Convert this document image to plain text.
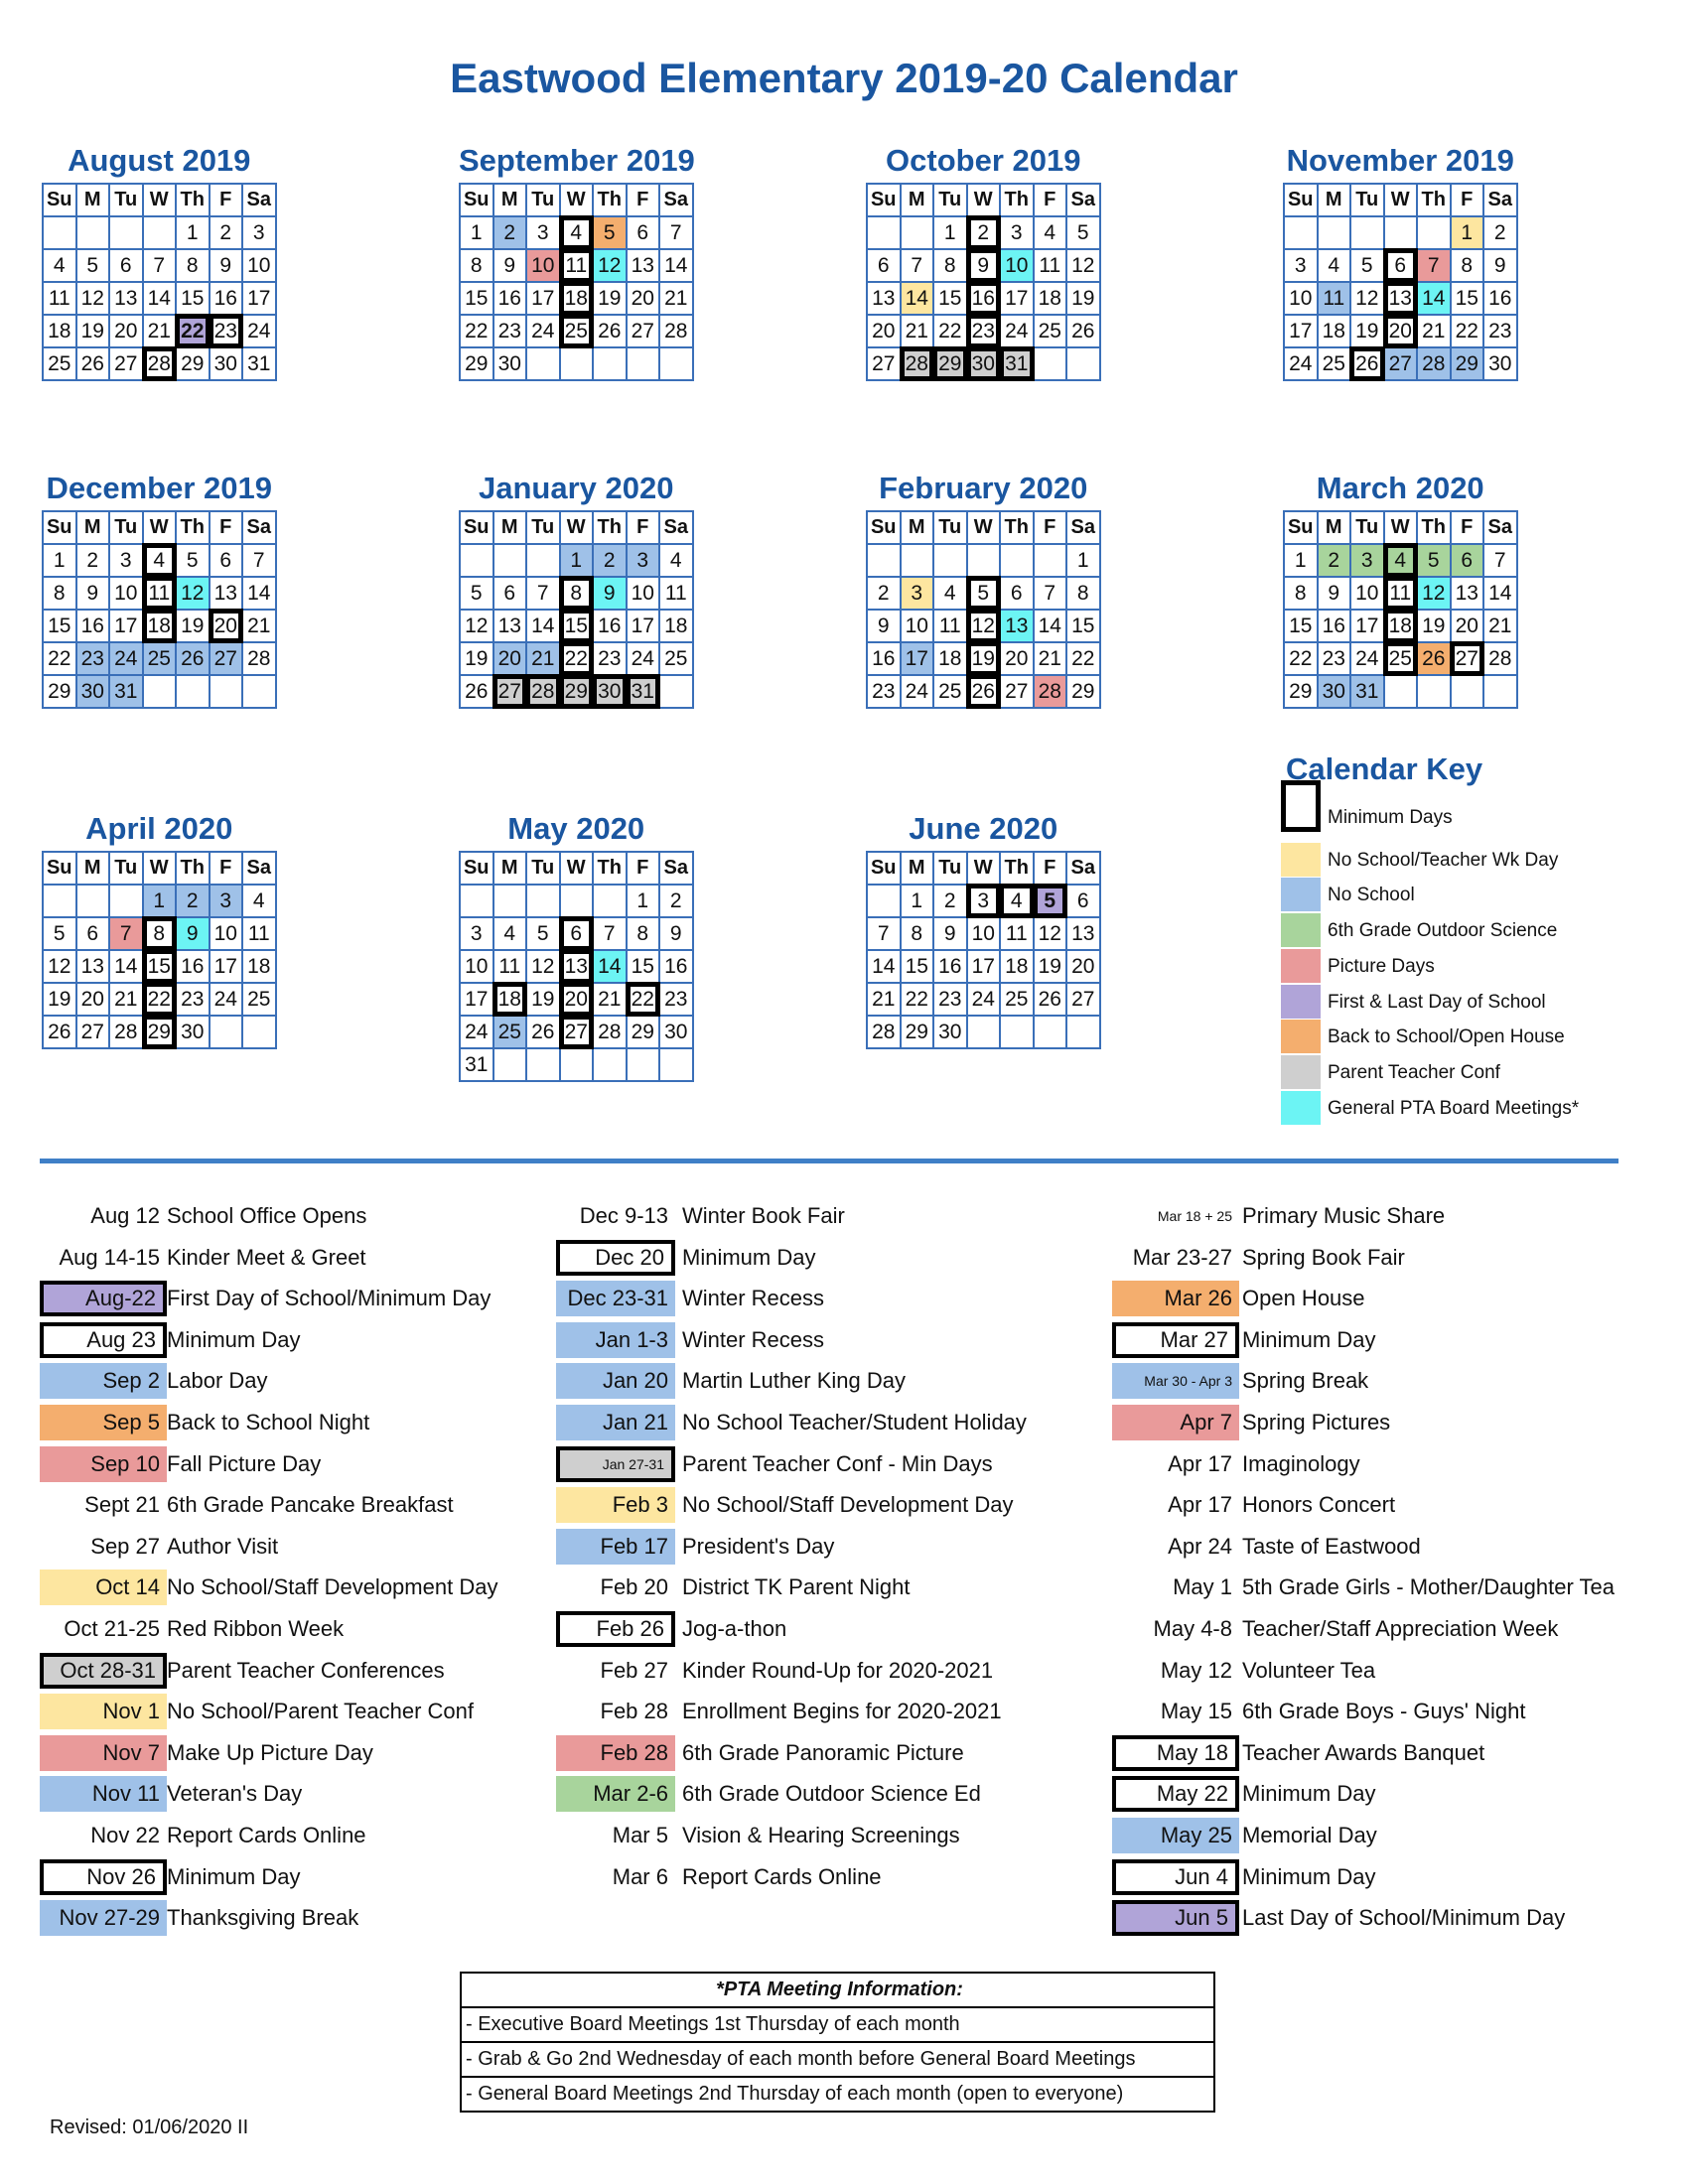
Eastwood Elementary 2019-20 Calendar
August 2019
Su	M	Tu	W	Th	F	Sa
				1	2	3
4	5	6	7	8	9	10
11	12	13	14	15	16	17
18	19	20	21	22	23	24
25	26	27	28	29	30	31
September 2019
Su	M	Tu	W	Th	F	Sa
1	2	3	4	5	6	7
8	9	10	11	12	13	14
15	16	17	18	19	20	21
22	23	24	25	26	27	28
29	30					
October 2019
Su	M	Tu	W	Th	F	Sa
		1	2	3	4	5
6	7	8	9	10	11	12
13	14	15	16	17	18	19
20	21	22	23	24	25	26
27	28	29	30	31		
November 2019
Su	M	Tu	W	Th	F	Sa
					1	2
3	4	5	6	7	8	9
10	11	12	13	14	15	16
17	18	19	20	21	22	23
24	25	26	27	28	29	30
December 2019
Su	M	Tu	W	Th	F	Sa
1	2	3	4	5	6	7
8	9	10	11	12	13	14
15	16	17	18	19	20	21
22	23	24	25	26	27	28
29	30	31				
January 2020
Su	M	Tu	W	Th	F	Sa
			1	2	3	4
5	6	7	8	9	10	11
12	13	14	15	16	17	18
19	20	21	22	23	24	25
26	27	28	29	30	31	
February 2020
Su	M	Tu	W	Th	F	Sa
						1
2	3	4	5	6	7	8
9	10	11	12	13	14	15
16	17	18	19	20	21	22
23	24	25	26	27	28	29
March 2020
Su	M	Tu	W	Th	F	Sa
1	2	3	4	5	6	7
8	9	10	11	12	13	14
15	16	17	18	19	20	21
22	23	24	25	26	27	28
29	30	31				
April 2020
Su	M	Tu	W	Th	F	Sa
			1	2	3	4
5	6	7	8	9	10	11
12	13	14	15	16	17	18
19	20	21	22	23	24	25
26	27	28	29	30		
May 2020
Su	M	Tu	W	Th	F	Sa
					1	2
3	4	5	6	7	8	9
10	11	12	13	14	15	16
17	18	19	20	21	22	23
24	25	26	27	28	29	30
31						
June 2020
Su	M	Tu	W	Th	F	Sa
	1	2	3	4	5	6
7	8	9	10	11	12	13
14	15	16	17	18	19	20
21	22	23	24	25	26	27
28	29	30				
Calendar Key
Minimum Days
No School/Teacher Wk Day
No School
6th Grade Outdoor Science
Picture Days
First & Last Day of School
Back to School/Open House
Parent Teacher Conf
General PTA Board Meetings*
Aug 12 School Office Opens
Aug 14-15 Kinder Meet & Greet
Aug-22 First Day of School/Minimum Day
Aug 23 Minimum Day
Sep 2 Labor Day
Sep 5 Back to School Night
Sep 10 Fall Picture Day
Sept 21 6th Grade Pancake Breakfast
Sep 27 Author Visit
Oct 14 No School/Staff Development Day
Oct 21-25 Red Ribbon Week
Oct 28-31 Parent Teacher Conferences
Nov 1 No School/Parent Teacher Conf
Nov 7 Make Up Picture Day
Nov 11 Veteran's Day
Nov 22 Report Cards Online
Nov 26 Minimum Day
Nov 27-29 Thanksgiving Break
Dec 9-13 Winter Book Fair
Dec 20 Minimum Day
Dec 23-31 Winter Recess
Jan 1-3 Winter Recess
Jan 20 Martin Luther King Day
Jan 21 No School Teacher/Student Holiday
Jan 27-31 Parent Teacher Conf - Min Days
Feb 3 No School/Staff Development Day
Feb 17 President's Day
Feb 20 District TK Parent Night
Feb 26 Jog-a-thon
Feb 27 Kinder Round-Up for 2020-2021
Feb 28 Enrollment Begins for 2020-2021
Feb 28 6th Grade Panoramic Picture
Mar 2-6 6th Grade Outdoor Science Ed
Mar 5 Vision & Hearing Screenings
Mar 6 Report Cards Online
Mar 18 + 25 Primary Music Share
Mar 23-27 Spring Book Fair
Mar 26 Open House
Mar 27 Minimum Day
Mar 30 - Apr 3 Spring Break
Apr 7 Spring Pictures
Apr 17 Imaginology
Apr 17 Honors Concert
Apr 24 Taste of Eastwood
May 1 5th Grade Girls - Mother/Daughter Tea
May 4-8 Teacher/Staff Appreciation Week
May 12 Volunteer Tea
May 15 6th Grade Boys - Guys' Night
May 18 Teacher Awards Banquet
May 22 Minimum Day
May 25 Memorial Day
Jun 4 Minimum Day
Jun 5 Last Day of School/Minimum Day
*PTA Meeting Information:
- Executive Board Meetings 1st Thursday of each month
- Grab & Go 2nd Wednesday of each month before General Board Meetings
- General Board Meetings 2nd Thursday of each month (open to everyone)
Revised: 01/06/2020 II
